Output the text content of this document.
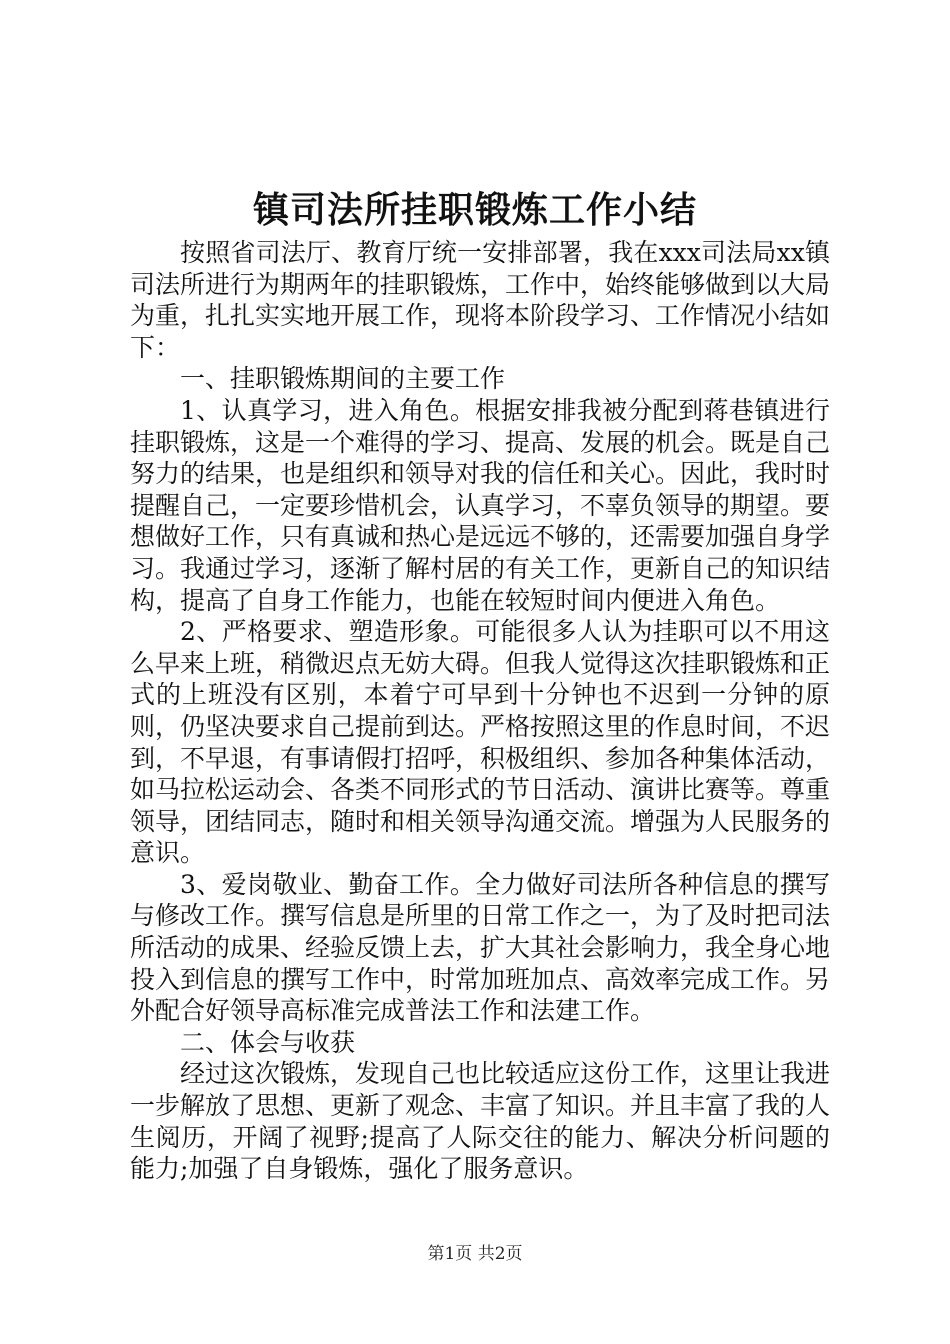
镇司法所挂职锻炼工作小结

按照省司法厅、教育厅统一安排部署，我在xxx司法局xx镇司法所进行为期两年的挂职锻炼，工作中，始终能够做到以大局为重，扎扎实实地开展工作，现将本阶段学习、工作情况小结如下：

一、挂职锻炼期间的主要工作

1、认真学习，进入角色。根据安排我被分配到蒋巷镇进行挂职锻炼，这是一个难得的学习、提高、发展的机会。既是自己努力的结果，也是组织和领导对我的信任和关心。因此，我时时提醒自己，一定要珍惜机会，认真学习，不辜负领导的期望。要想做好工作，只有真诚和热心是远远不够的，还需要加强自身学习。我通过学习，逐渐了解村居的有关工作，更新自己的知识结构，提高了自身工作能力，也能在较短时间内便进入角色。

2、严格要求、塑造形象。可能很多人认为挂职可以不用这么早来上班，稍微迟点无妨大碍。但我人觉得这次挂职锻炼和正式的上班没有区别，本着宁可早到十分钟也不迟到一分钟的原则，仍坚决要求自己提前到达。严格按照这里的作息时间，不迟到，不早退，有事请假打招呼，积极组织、参加各种集体活动，如马拉松运动会、各类不同形式的节日活动、演讲比赛等。尊重领导，团结同志，随时和相关领导沟通交流。增强为人民服务的意识。

3、爱岗敬业、勤奋工作。全力做好司法所各种信息的撰写与修改工作。撰写信息是所里的日常工作之一，为了及时把司法所活动的成果、经验反馈上去，扩大其社会影响力，我全身心地投入到信息的撰写工作中，时常加班加点、高效率完成工作。另外配合好领导高标准完成普法工作和法建工作。

二、体会与收获

经过这次锻炼，发现自己也比较适应这份工作，这里让我进一步解放了思想、更新了观念、丰富了知识。并且丰富了我的人生阅历，开阔了视野;提高了人际交往的能力、解决分析问题的能力;加强了自身锻炼，强化了服务意识。

第1页 共2页
